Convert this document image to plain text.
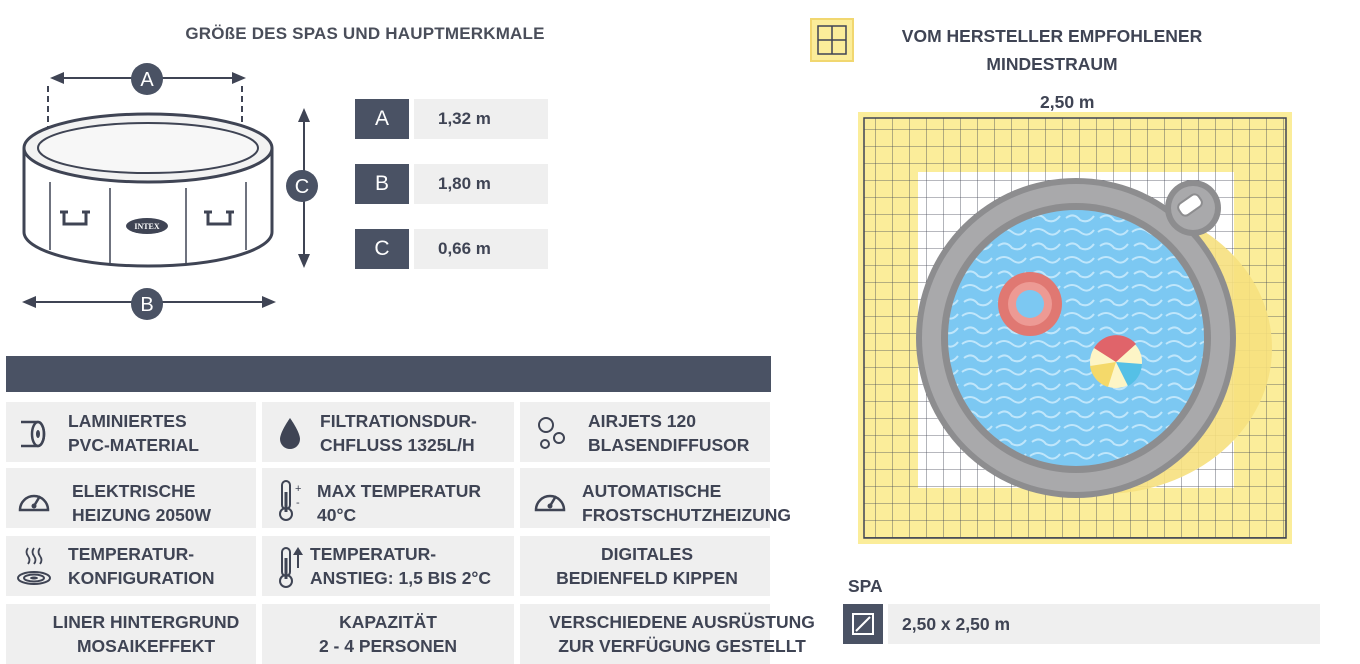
GRÖßE DES SPAS UND HAUPTMERKMALE
A
INTEX
C
B
A	1,32 m
B	1,80 m
C	0,66 m
LAMINIERTES
PVC-MATERIAL
FILTRATIONSDUR-
CHFLUSS 1325L/H
AIRJETS 120
BLASENDIFFUSOR
ELEKTRISCHE
HEIZUNG 2050W
+
-
MAX TEMPERATUR
40°C
AUTOMATISCHE
FROSTSCHUTZHEIZUNG
TEMPERATUR-
KONFIGURATION
TEMPERATUR-
ANSTIEG: 1,5 BIS 2°C
DIGITALES
BEDIENFELD KIPPEN
LINER HINTERGRUND
MOSAIKEFFEKT
KAPAZITÄT
2 - 4 PERSONEN
VERSCHIEDENE AUSRÜSTUNG
ZUR VERFÜGUNG GESTELLT
VOM HERSTELLER EMPFOHLENER
MINDESTRAUM
2,50 m
SPA
2,50 x 2,50 m
